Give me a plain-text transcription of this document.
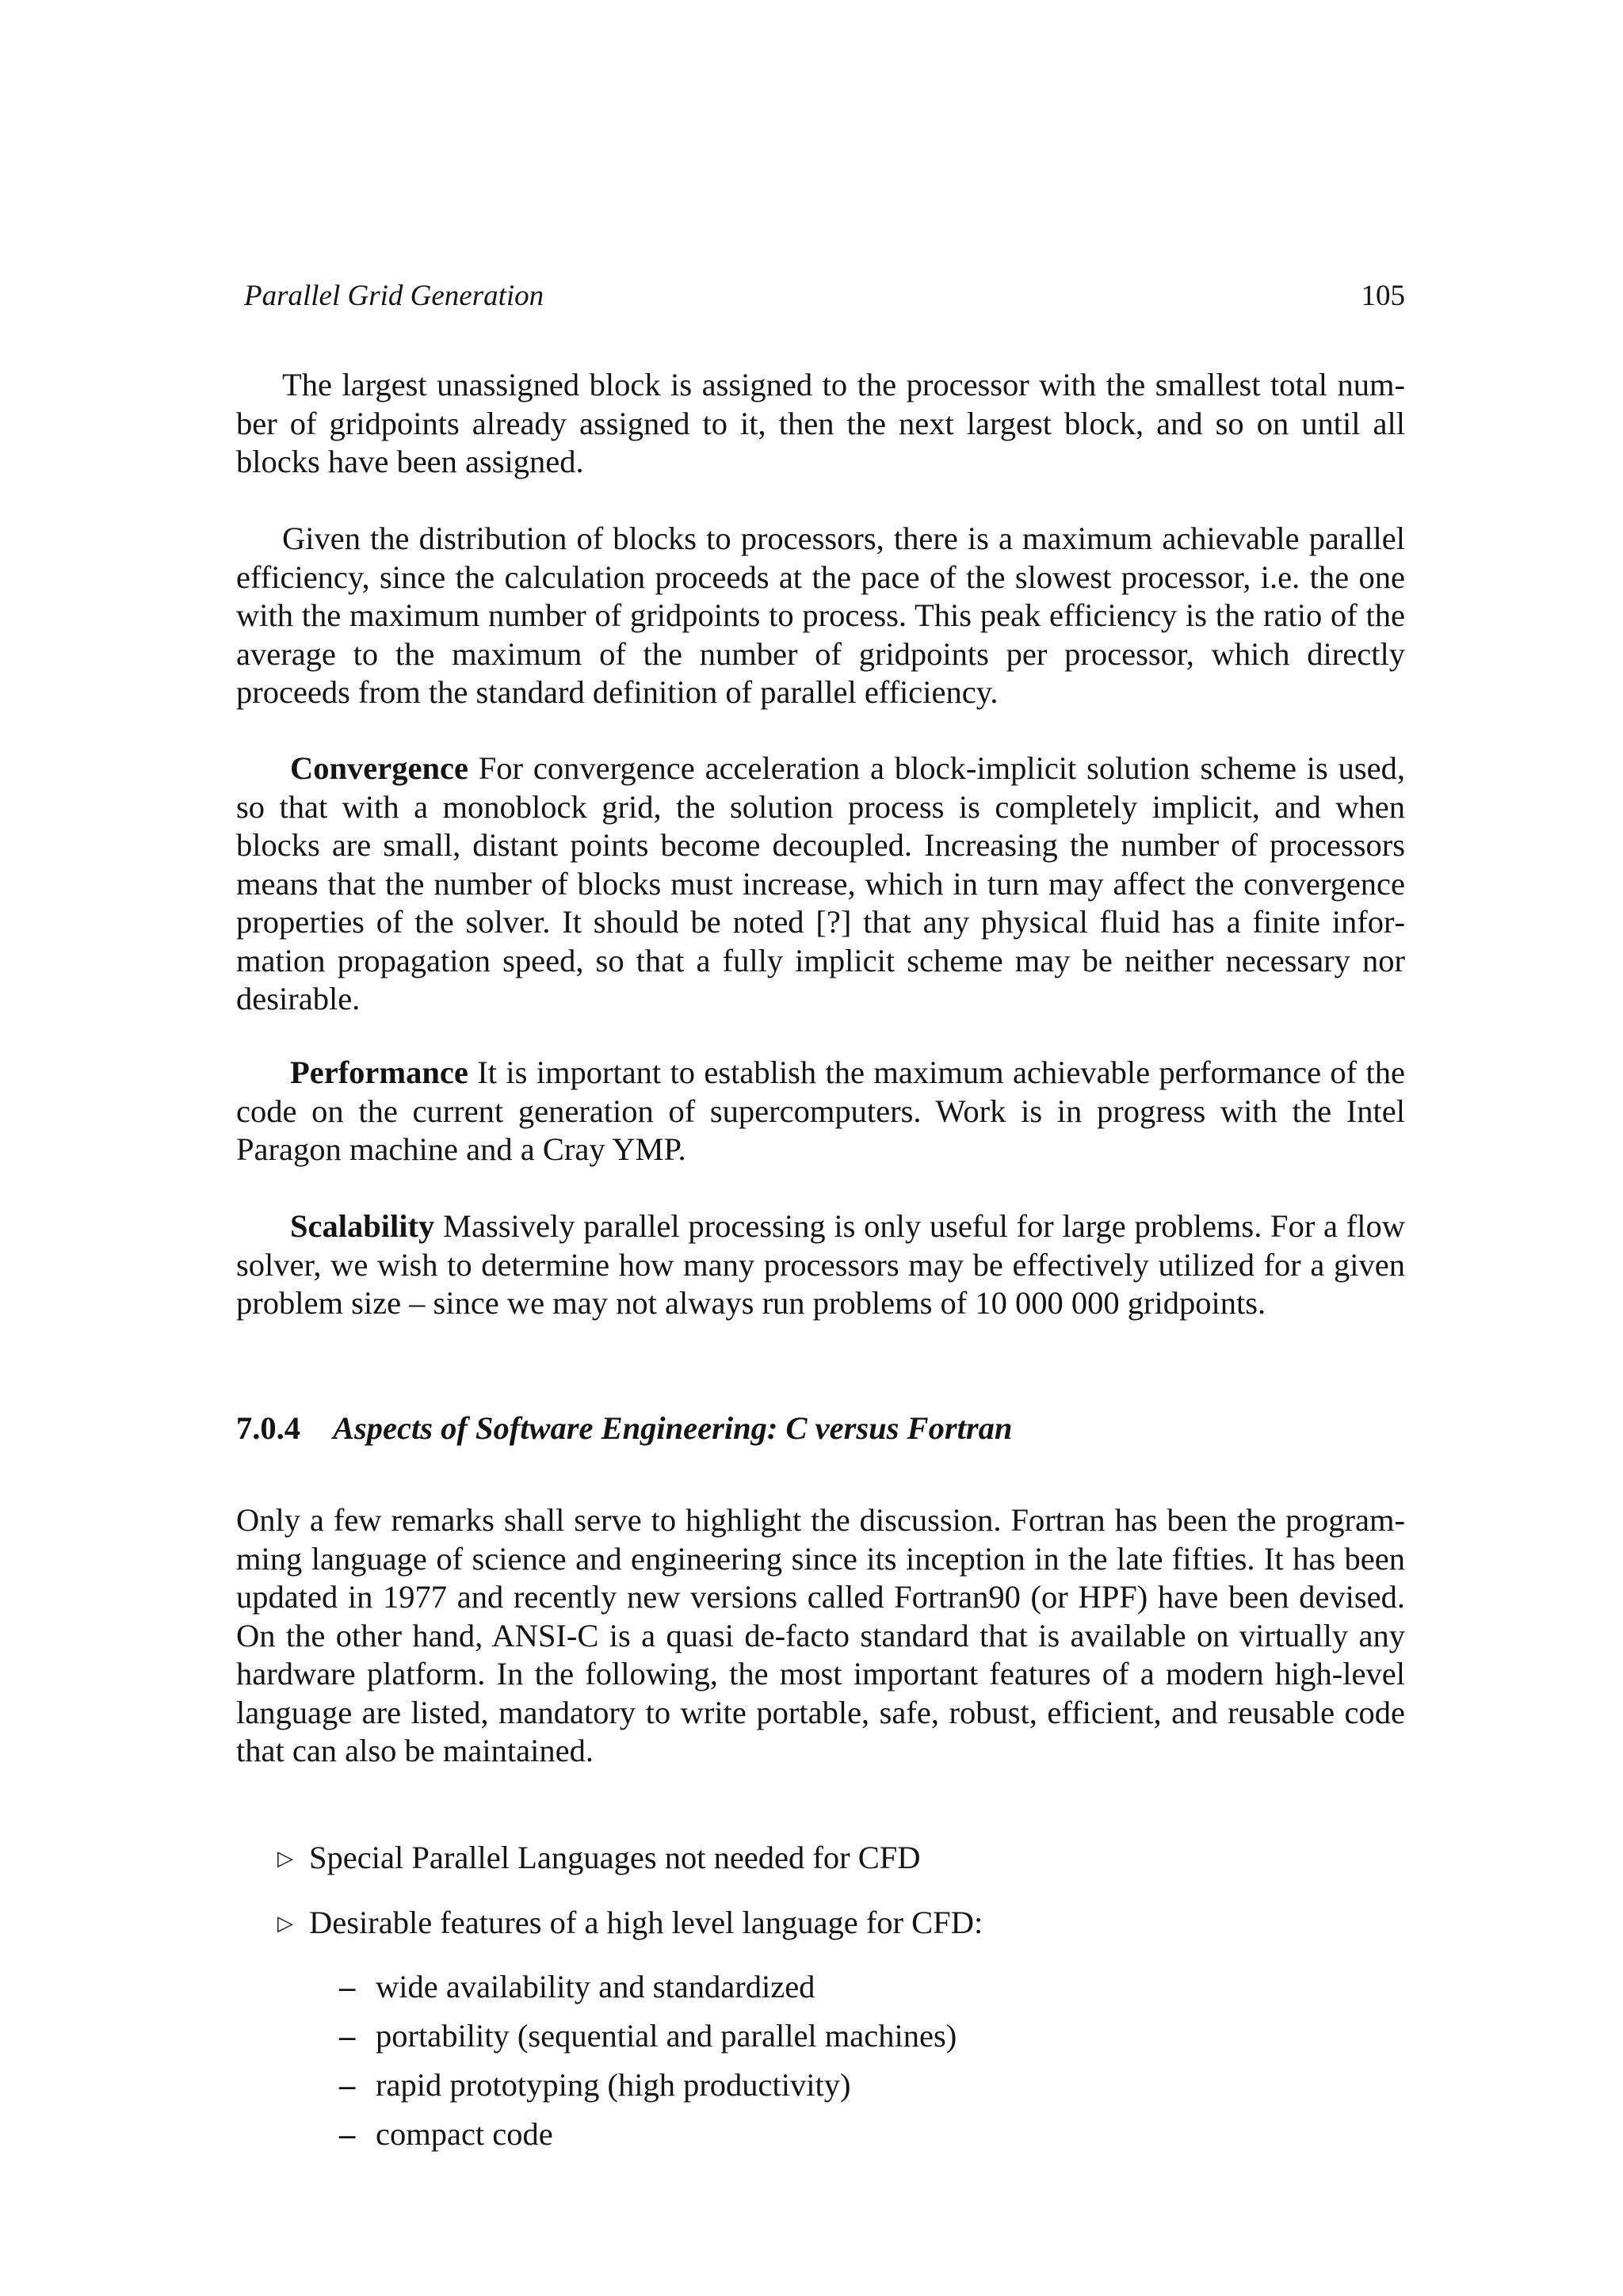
Parallel Grid Generation	105

The largest unassigned block is assigned to the processor with the smallest total number of gridpoints already assigned to it, then the next largest block, and so on until all blocks have been assigned.

Given the distribution of blocks to processors, there is a maximum achievable parallel efficiency, since the calculation proceeds at the pace of the slowest processor, i.e. the one with the maximum number of gridpoints to process. This peak efficiency is the ratio of the average to the maximum of the number of gridpoints per processor, which directly proceeds from the standard definition of parallel efficiency.

Convergence For convergence acceleration a block-implicit solution scheme is used, so that with a monoblock grid, the solution process is completely implicit, and when blocks are small, distant points become decoupled. Increasing the number of processors means that the number of blocks must increase, which in turn may affect the convergence properties of the solver. It should be noted [?] that any physical fluid has a finite information propagation speed, so that a fully implicit scheme may be neither necessary nor desirable.

Performance It is important to establish the maximum achievable performance of the code on the current generation of supercomputers. Work is in progress with the Intel Paragon machine and a Cray YMP.

Scalability Massively parallel processing is only useful for large problems. For a flow solver, we wish to determine how many processors may be effectively utilized for a given problem size – since we may not always run problems of 10 000 000 gridpoints.

7.0.4 Aspects of Software Engineering: C versus Fortran

Only a few remarks shall serve to highlight the discussion. Fortran has been the programming language of science and engineering since its inception in the late fifties. It has been updated in 1977 and recently new versions called Fortran90 (or HPF) have been devised. On the other hand, ANSI-C is a quasi de-facto standard that is available on virtually any hardware platform. In the following, the most important features of a modern high-level language are listed, mandatory to write portable, safe, robust, efficient, and reusable code that can also be maintained.

▷ Special Parallel Languages not needed for CFD
▷ Desirable features of a high level language for CFD:
– wide availability and standardized
– portability (sequential and parallel machines)
– rapid prototyping (high productivity)
– compact code
